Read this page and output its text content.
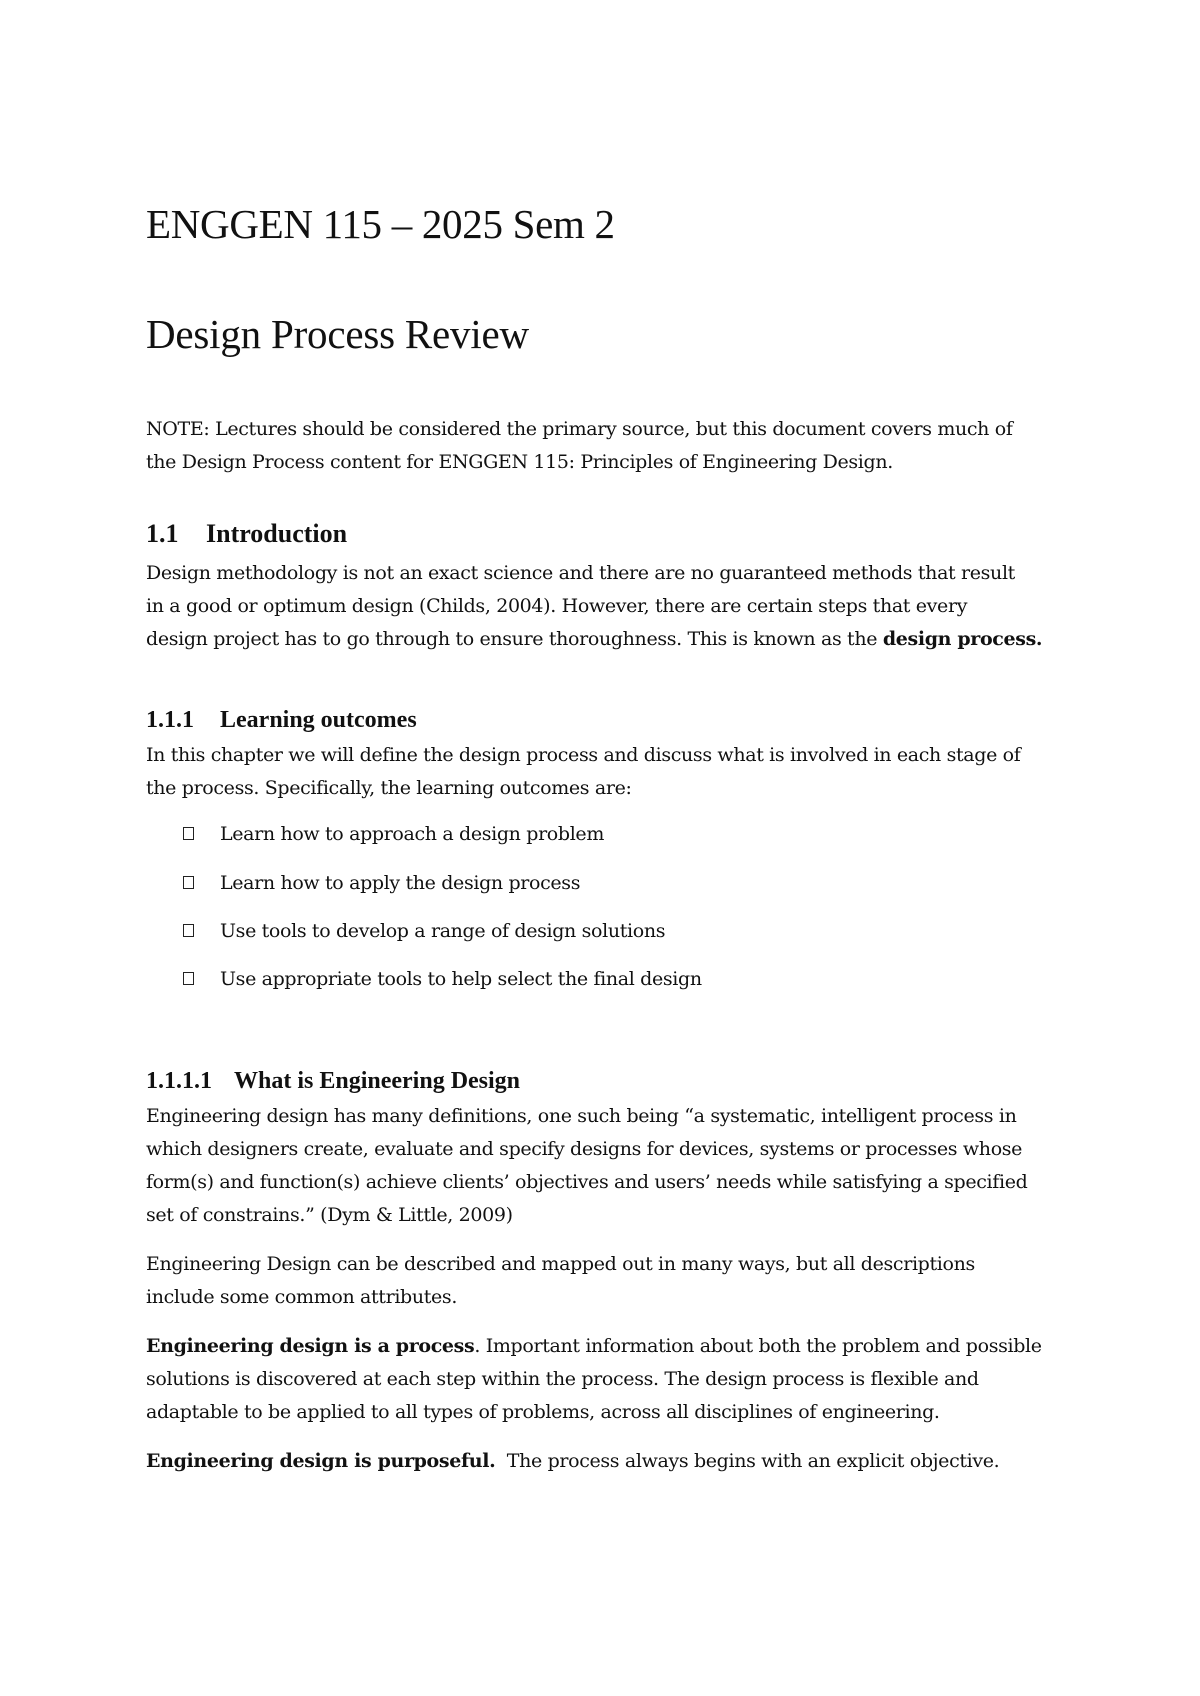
ENGGEN 115 – 2025 Sem 2
Design Process Review

NOTE: Lectures should be considered the primary source, but this document covers much of

the Design Process content for ENGGEN 115: Principles of Engineering Design.

1.1 Introduction

Design methodology is not an exact science and there are no guaranteed methods that result

in a good or optimum design (Childs, 2004). However, there are certain steps that every

design project has to go through to ensure thoroughness. This is known as the design process.

1.1.1 Learning outcomes

In this chapter we will define the design process and discuss what is involved in each stage of

the process. Specifically, the learning outcomes are:

Learn how to approach a design problem

Learn how to apply the design process

Use tools to develop a range of design solutions

Use appropriate tools to help select the final design

1.1.1.1 What is Engineering Design

Engineering design has many definitions, one such being “a systematic, intelligent process in

which designers create, evaluate and specify designs for devices, systems or processes whose

form(s) and function(s) achieve clients’ objectives and users’ needs while satisfying a specified

set of constrains.” (Dym & Little, 2009)

Engineering Design can be described and mapped out in many ways, but all descriptions

include some common attributes.

Engineering design is a process. Important information about both the problem and possible

solutions is discovered at each step within the process. The design process is flexible and

adaptable to be applied to all types of problems, across all disciplines of engineering.

Engineering design is purposeful.  The process always begins with an explicit objective.
